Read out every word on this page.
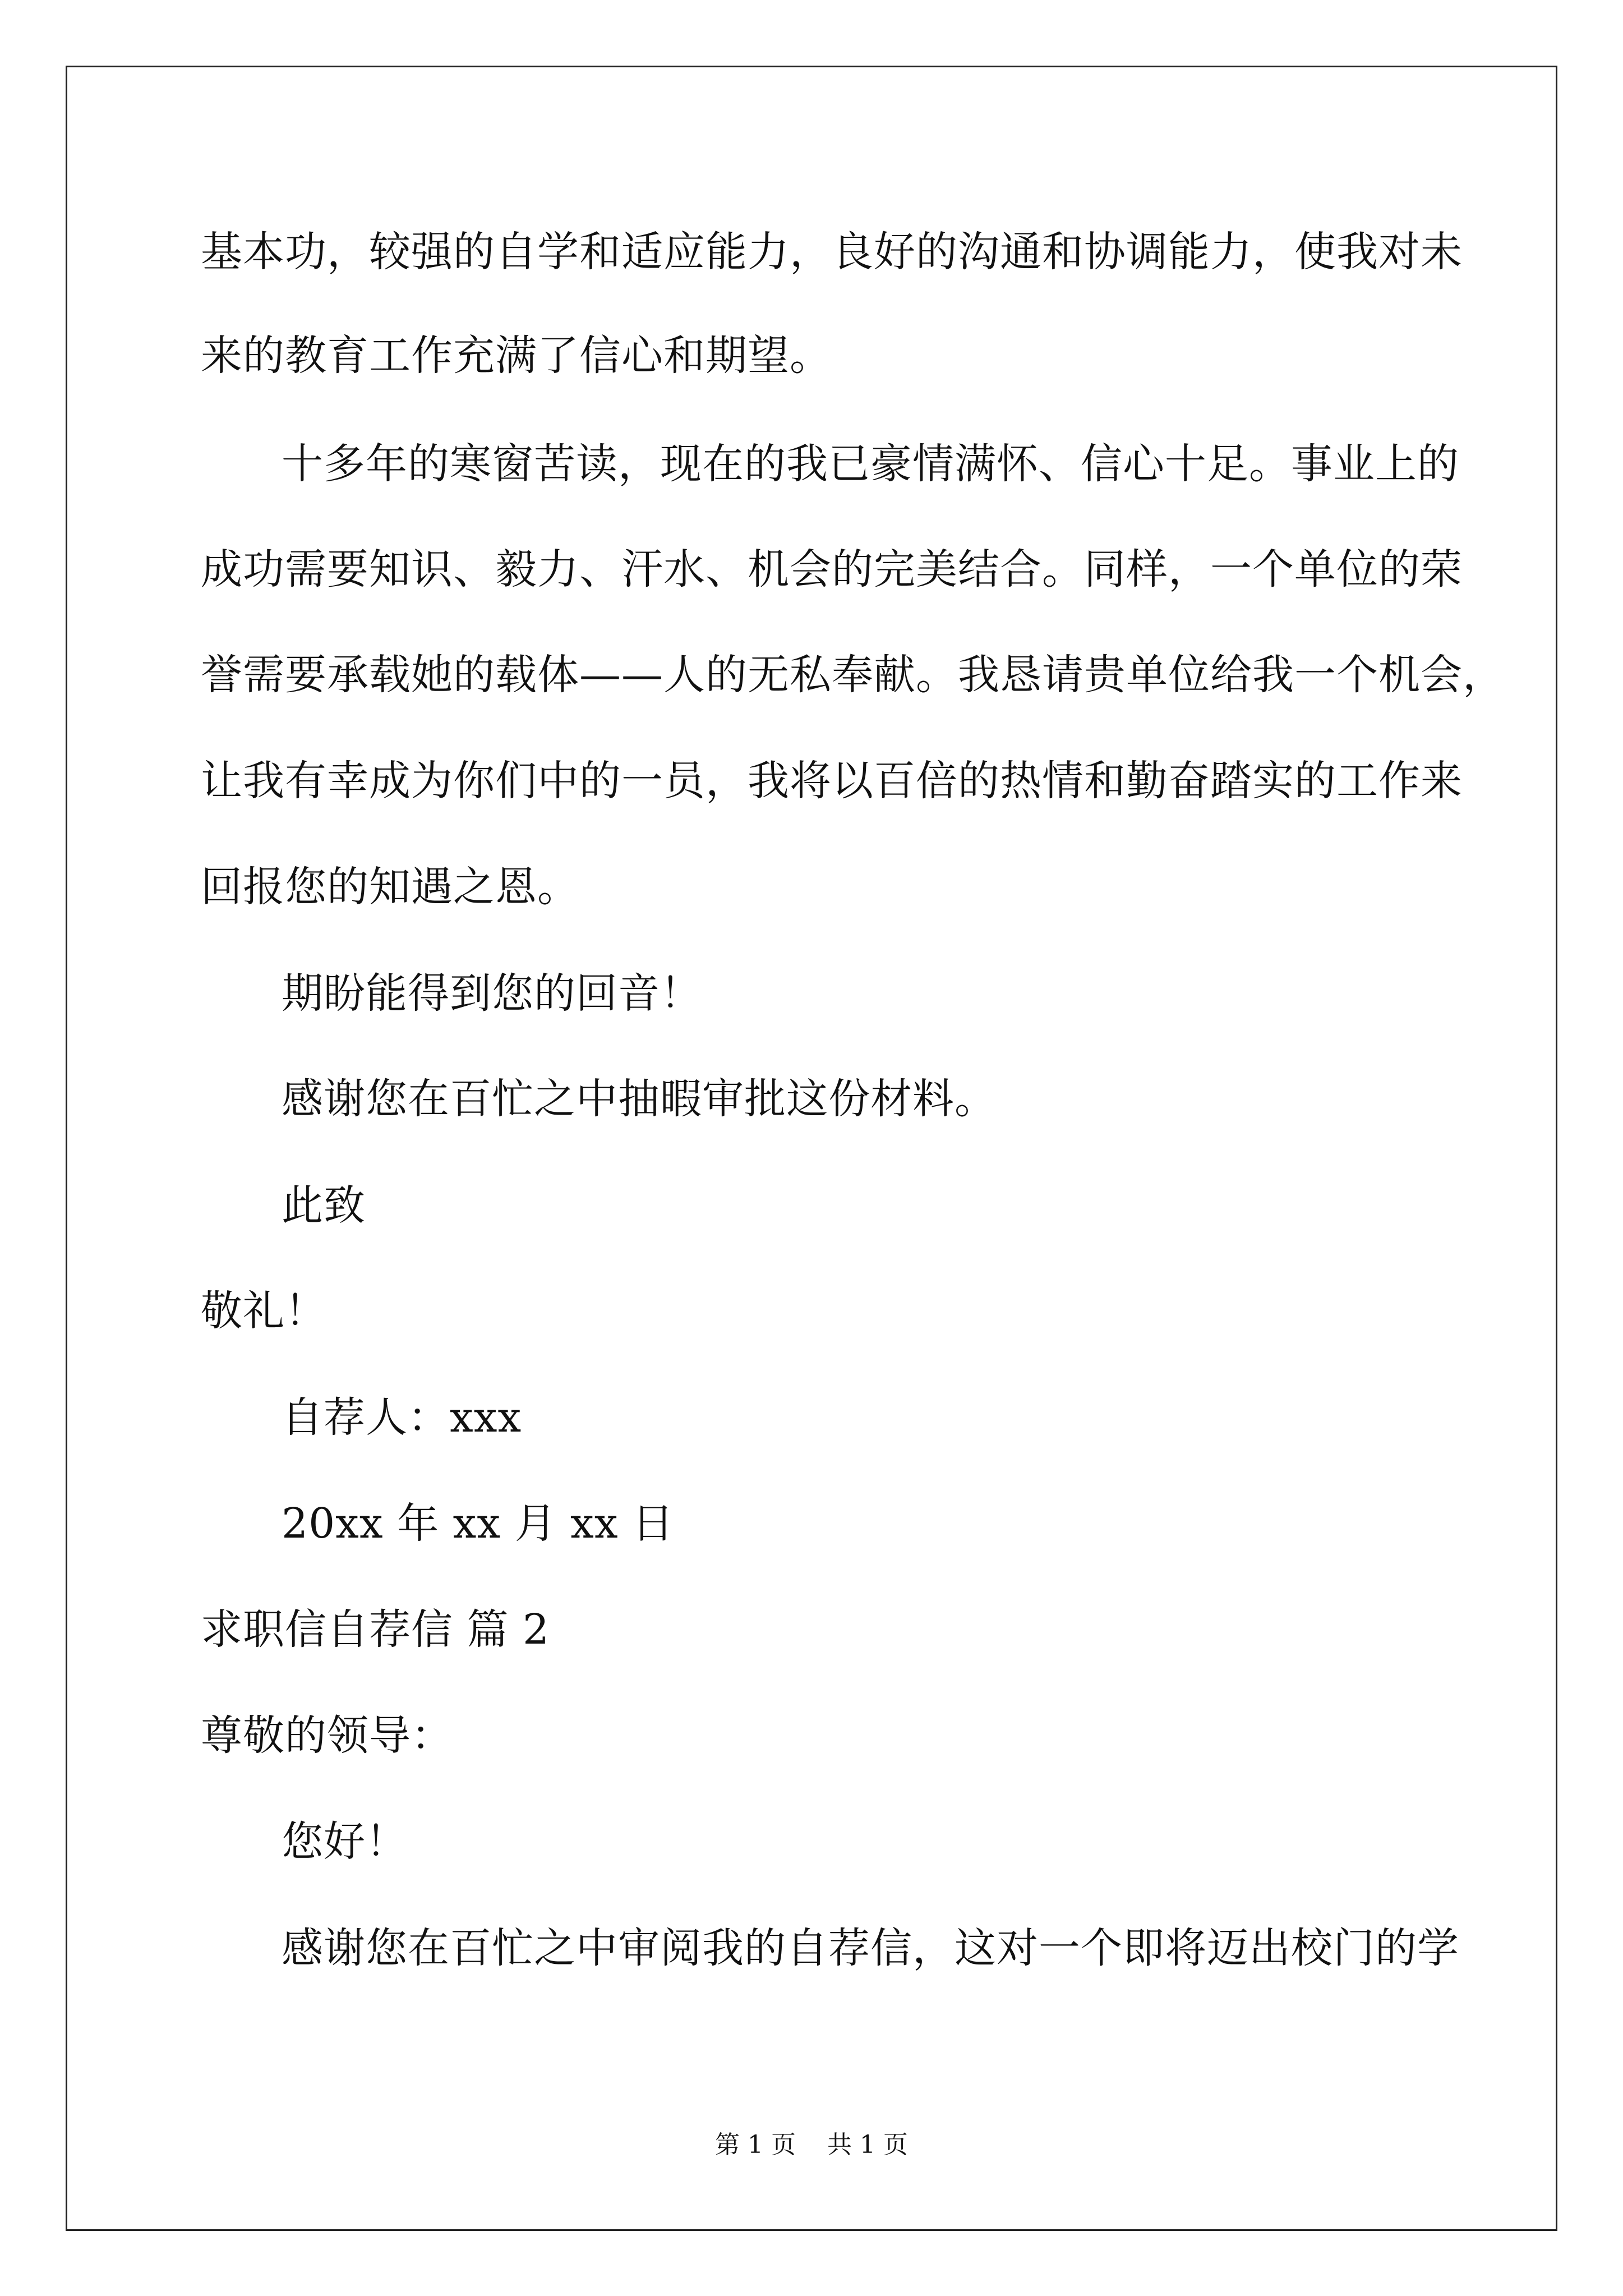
基本功，较强的自学和适应能力，良好的沟通和协调能力，使我对未
来的教育工作充满了信心和期望。
十多年的寒窗苦读，现在的我已豪情满怀、信心十足。事业上的
成功需要知识、毅力、汗水、机会的完美结合。同样，一个单位的荣
誉需要承载她的载体——人的无私奉献。我恳请贵单位给我一个机会，
让我有幸成为你们中的一员，我将以百倍的热情和勤奋踏实的工作来
回报您的知遇之恩。
期盼能得到您的回音！
感谢您在百忙之中抽暇审批这份材料。
此致
敬礼！
自荐人：xxx
20xx 年 xx 月 xx 日
求职信自荐信 篇 2
尊敬的领导：
您好！
感谢您在百忙之中审阅我的自荐信，这对一个即将迈出校门的学
第 1 页 共 1 页
